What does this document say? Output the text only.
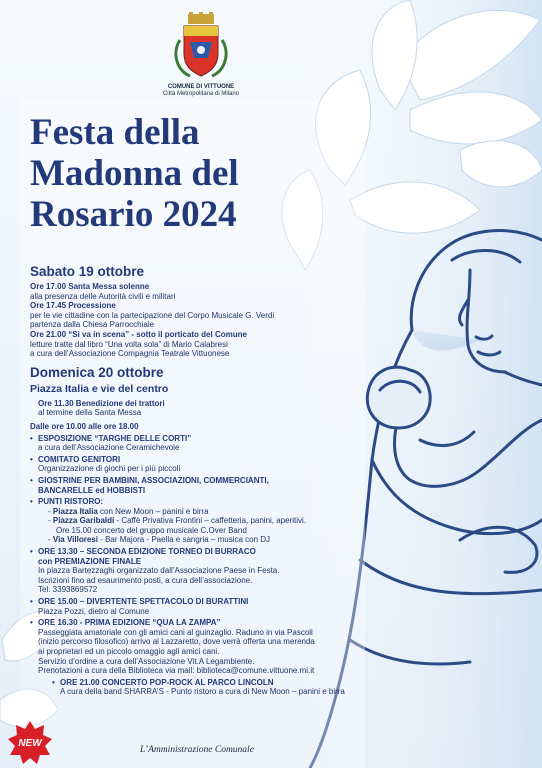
COMUNE DI VITTUONE
Città Metropolitana di Milano
Festa della
Madonna del
Rosario 2024
Sabato 19 ottobre
Ore 17.00 Santa Messa solenne
alla presenza delle Autorità civili e militari
Ore 17.45 Processione
per le vie cittadine con la partecipazione del Corpo Musicale G. Verdi
partenza dalla Chiesa Parrocchiale
Ore 21.00 “Si va in scena” - sotto il porticato del Comune
letture tratte dal libro “Una volta sola” di Mario Calabresi
a cura dell’Associazione Compagnia Teatrale Vittuonese
Domenica 20 ottobre
Piazza Italia e vie del centro
Ore 11.30 Benedizione dei trattori
al termine della Santa Messa
Dalle ore 10.00 alle ore 18.00
• ESPOSIZIONE “TARGHE DELLE CORTI”
a cura dell’Associazione Ceramichevole
• COMITATO GENITORI
Organizzazione di giochi per i più piccoli
• GIOSTRINE PER BAMBINI, ASSOCIAZIONI, COMMERCIANTI,
BANCARELLE ed HOBBISTI
• PUNTI RISTORO:
- Piazza Italia con New Moon – panini e birra
- Piazza Garibaldi - Caffè Privativa Frontini – caffetteria, panini, aperitivi.
Ore 15.00 concerto del gruppo musicale C.Over Band
- Via Villoresi - Bar Majora - Paella e sangria – musica con DJ
• ORE 13.30 – SECONDA EDIZIONE TORNEO DI BURRACO
con PREMIAZIONE FINALE
In piazza Bartezzaghi organizzato dall’Associazione Paese in Festa.
Iscrizioni fino ad esaurimento posti, a cura dell’associazione.
Tel. 3393869572
• ORE 15.00 – DIVERTENTE SPETTACOLO DI BURATTINI
Piazza Pozzi, dietro al Comune
• ORE 16.30 - PRIMA EDIZIONE “QUA LA ZAMPA”
Passeggiata amatoriale con gli amici cani al guinzaglio. Raduno in via Pascoli
(inizio percorso filosofico) arrivo al Lazzaretto, dove verrà offerta una merenda
ai proprietari ed un piccolo omaggio agli amici cani.
Servizio d’ordine a cura dell’Associazione Vit.A Legambiente.
Prenotazioni a cura della Biblioteca via mail: biblioteca@comune.vittuone.mi.it
• ORE 21.00 CONCERTO POP-ROCK AL PARCO LINCOLN
A cura della band SHARRA’S - Punto ristoro a cura di New Moon – panini e birra
NEW
L’Amministrazione Comunale
